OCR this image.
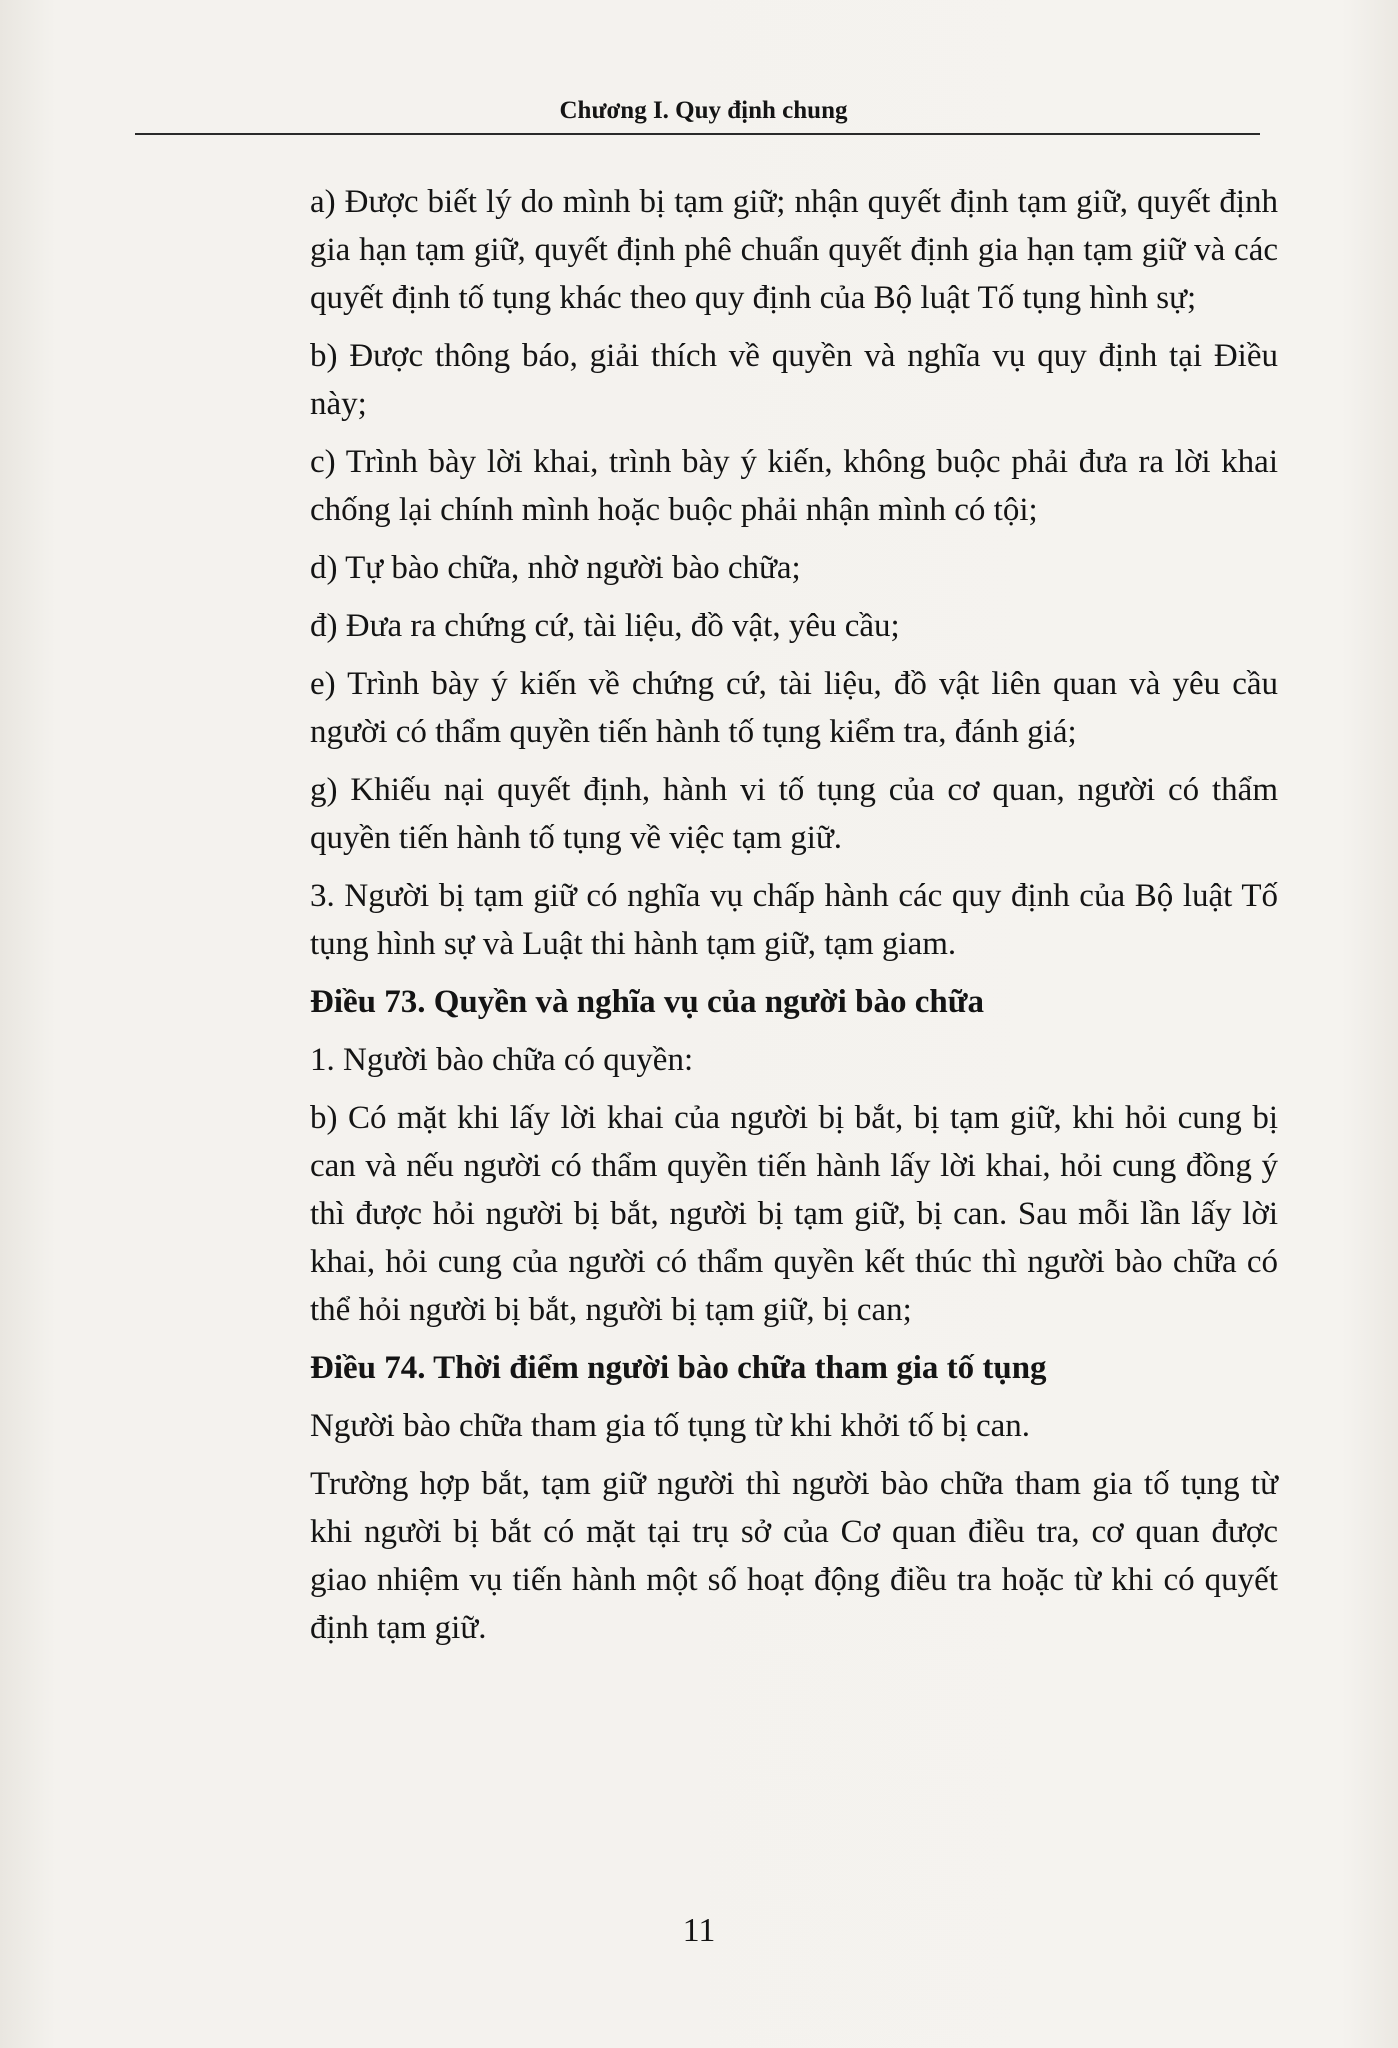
Chương I. Quy định chung

a) Được biết lý do mình bị tạm giữ; nhận quyết định tạm giữ, quyết định gia hạn tạm giữ, quyết định phê chuẩn quyết định gia hạn tạm giữ và các quyết định tố tụng khác theo quy định của Bộ luật Tố tụng hình sự;

b) Được thông báo, giải thích về quyền và nghĩa vụ quy định tại Điều này;

c) Trình bày lời khai, trình bày ý kiến, không buộc phải đưa ra lời khai chống lại chính mình hoặc buộc phải nhận mình có tội;

d) Tự bào chữa, nhờ người bào chữa;

đ) Đưa ra chứng cứ, tài liệu, đồ vật, yêu cầu;

e) Trình bày ý kiến về chứng cứ, tài liệu, đồ vật liên quan và yêu cầu người có thẩm quyền tiến hành tố tụng kiểm tra, đánh giá;

g) Khiếu nại quyết định, hành vi tố tụng của cơ quan, người có thẩm quyền tiến hành tố tụng về việc tạm giữ.

3. Người bị tạm giữ có nghĩa vụ chấp hành các quy định của Bộ luật Tố tụng hình sự và Luật thi hành tạm giữ, tạm giam.

Điều 73. Quyền và nghĩa vụ của người bào chữa

1. Người bào chữa có quyền:

b) Có mặt khi lấy lời khai của người bị bắt, bị tạm giữ, khi hỏi cung bị can và nếu người có thẩm quyền tiến hành lấy lời khai, hỏi cung đồng ý thì được hỏi người bị bắt, người bị tạm giữ, bị can. Sau mỗi lần lấy lời khai, hỏi cung của người có thẩm quyền kết thúc thì người bào chữa có thể hỏi người bị bắt, người bị tạm giữ, bị can;

Điều 74. Thời điểm người bào chữa tham gia tố tụng

Người bào chữa tham gia tố tụng từ khi khởi tố bị can.

Trường hợp bắt, tạm giữ người thì người bào chữa tham gia tố tụng từ khi người bị bắt có mặt tại trụ sở của Cơ quan điều tra, cơ quan được giao nhiệm vụ tiến hành một số hoạt động điều tra hoặc từ khi có quyết định tạm giữ.

11
